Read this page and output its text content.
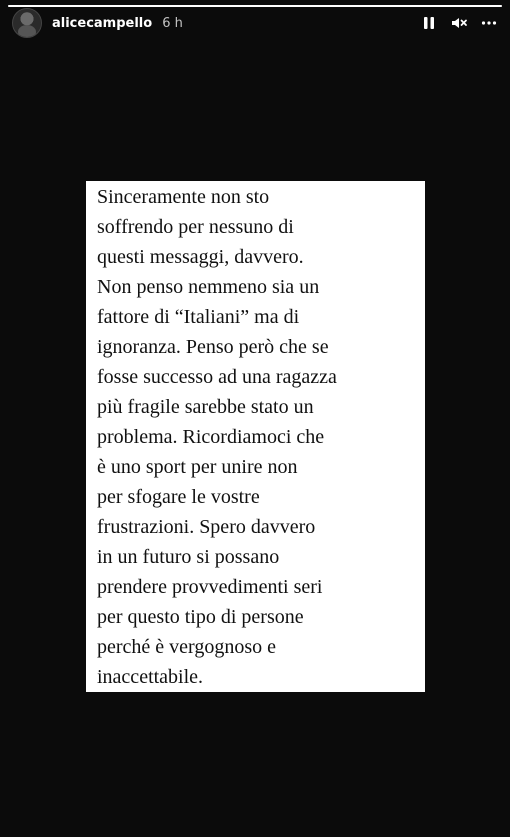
alicecampello 6 h

Sinceramente non sto
soffrendo per nessuno di
questi messaggi, davvero.
Non penso nemmeno sia un
fattore di “Italiani” ma di
ignoranza. Penso però che se
fosse successo ad una ragazza
più fragile sarebbe stato un
problema. Ricordiamoci che
è uno sport per unire non
per sfogare le vostre
frustrazioni. Spero davvero
in un futuro si possano
prendere provvedimenti seri
per questo tipo di persone
perché è vergognoso e
inaccettabile.
